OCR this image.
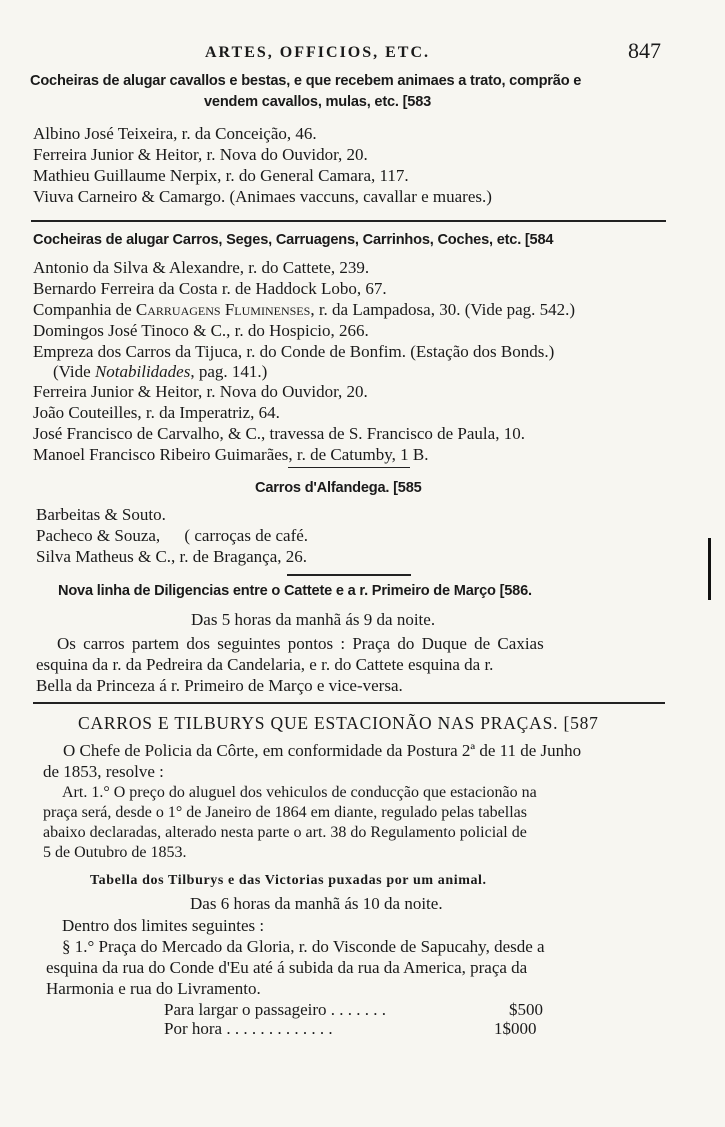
ARTES, OFFICIOS, ETC.	847
Cocheiras de alugar cavallos e bestas, e que recebem animaes a trato, comprão e
vendem cavallos, mulas, etc. [583
Albino José Teixeira, r. da Conceição, 46.
Ferreira Junior & Heitor, r. Nova do Ouvidor, 20.
Mathieu Guillaume Nerpix, r. do General Camara, 117.
Viuva Carneiro & Camargo. (Animaes vaccuns, cavallar e muares.)
Cocheiras de alugar Carros, Seges, Carruagens, Carrinhos, Coches, etc. [584
Antonio da Silva & Alexandre, r. do Cattete, 239.
Bernardo Ferreira da Costa r. de Haddock Lobo, 67.
Companhia de Carruagens Fluminenses, r. da Lampadosa, 30. (Vide pag. 542.)
Domingos José Tinoco & C., r. do Hospicio, 266.
Empreza dos Carros da Tijuca, r. do Conde de Bonfim. (Estação dos Bonds.)
(Vide Notabilidades, pag. 141.)
Ferreira Junior & Heitor, r. Nova do Ouvidor, 20.
João Couteilles, r. da Imperatriz, 64.
José Francisco de Carvalho, & C., travessa de S. Francisco de Paula, 10.
Manoel Francisco Ribeiro Guimarães, r. de Catumby, 1 B.
Carros d'Alfandega. [585
Barbeitas & Souto.
Pacheco & Souza, ( carroças de café.
Silva Matheus & C., r. de Bragança, 26.
Nova linha de Diligencias entre o Cattete e a r. Primeiro de Março [586.
Das 5 horas da manhã ás 9 da noite.
Os carros partem dos seguintes pontos : Praça do Duque de Caxias
esquina da r. da Pedreira da Candelaria, e r. do Cattete esquina da r.
Bella da Princeza á r. Primeiro de Março e vice-versa.
CARROS E TILBURYS QUE ESTACIONÃO NAS PRAÇAS. [587
O Chefe de Policia da Côrte, em conformidade da Postura 2ª de 11 de Junho
de 1853, resolve :
Art. 1.° O preço do aluguel dos vehiculos de conducção que estacionão na
praça será, desde o 1° de Janeiro de 1864 em diante, regulado pelas tabellas
abaixo declaradas, alterado nesta parte o art. 38 do Regulamento policial de
5 de Outubro de 1853.
Tabella dos Tilburys e das Victorias puxadas por um animal.
Das 6 horas da manhã ás 10 da noite.
Dentro dos limites seguintes :
§ 1.° Praça do Mercado da Gloria, r. do Visconde de Sapucahy, desde a
esquina da rua do Conde d'Eu até á subida da rua da America, praça da
Harmonia e rua do Livramento.
Para largar o passageiro . . . . . . .	$500
Por hora . . . . . . . . . . . . .	1$000
